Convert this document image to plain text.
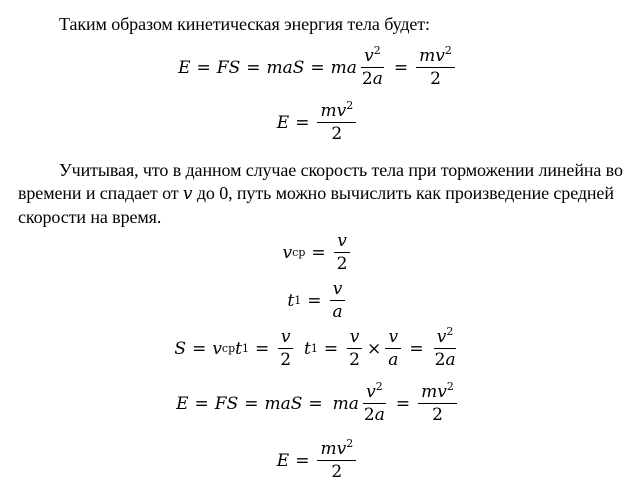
Таким образом кинетическая энергия тела будет:
E = FS = maS = ma $\frac{v^2}{2a} = \frac{mv^2}{2}$
$E = \frac{mv^2}{2}$
Учитывая, что в данном случае скорость тела при торможении линейна во времени и спадает от v до 0, путь можно вычислить как произведение средней скорости на время.
v ср = $\frac{v}{2}$
t $1 = \frac{v}{a}$
S = v ср t $1 = \frac{v}{2}$ t $1 = \frac{v}{2} \times \frac{v}{a} = \frac{v^2}{2a}$
E = FS = maS = ma $\frac{v^2}{2a} = \frac{mv^2}{2}$
$E = \frac{mv^2}{2}$
